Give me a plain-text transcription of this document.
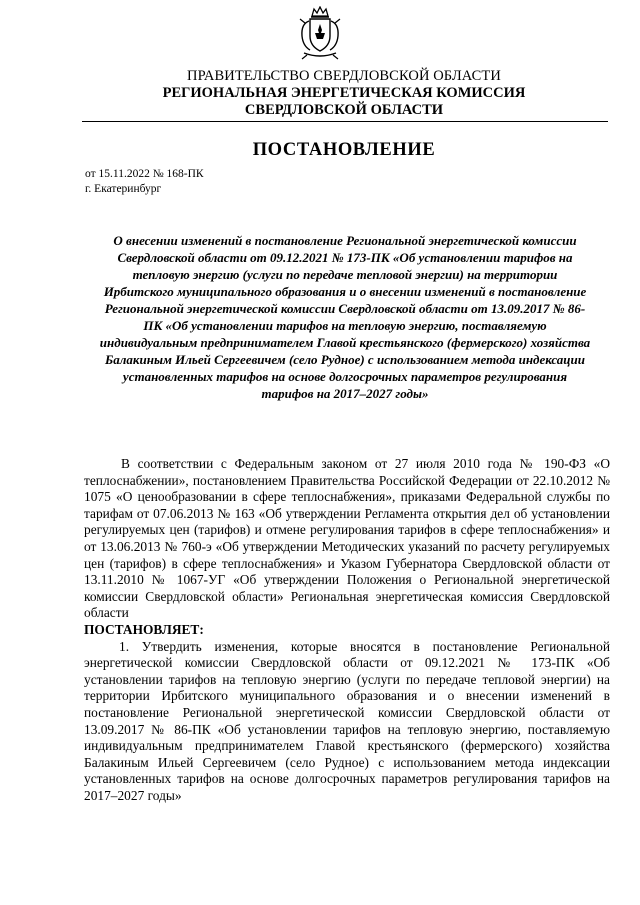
ПРАВИТЕЛЬСТВО СВЕРДЛОВСКОЙ ОБЛАСТИ
РЕГИОНАЛЬНАЯ ЭНЕРГЕТИЧЕСКАЯ КОМИССИЯ
СВЕРДЛОВСКОЙ ОБЛАСТИ
ПОСТАНОВЛЕНИЕ
от 15.11.2022 № 168-ПК
г. Екатеринбург
О внесении изменений в постановление Региональной энергетической комиссии Свердловской области от 09.12.2021 № 173-ПК «Об установлении тарифов на тепловую энергию (услуги по передаче тепловой энергии) на территории Ирбитского муниципального образования и о внесении изменений в постановление Региональной энергетической комиссии Свердловской области от 13.09.2017 № 86-ПК «Об установлении тарифов на тепловую энергию, поставляемую индивидуальным предпринимателем Главой крестьянского (фермерского) хозяйства Балакиным Ильей Сергеевичем (село Рудное) с использованием метода индексации установленных тарифов на основе долгосрочных параметров регулирования тарифов на 2017–2027 годы»

В соответствии с Федеральным законом от 27 июля 2010 года № 190-ФЗ «О теплоснабжении», постановлением Правительства Российской Федерации от 22.10.2012 № 1075 «О ценообразовании в сфере теплоснабжения», приказами Федеральной службы по тарифам от 07.06.2013 № 163 «Об утверждении Регламента открытия дел об установлении регулируемых цен (тарифов) и отмене регулирования тарифов в сфере теплоснабжения» и от 13.06.2013 № 760-э «Об утверждении Методических указаний по расчету регулируемых цен (тарифов) в сфере теплоснабжения» и Указом Губернатора Свердловской области от 13.11.2010 № 1067-УГ «Об утверждении Положения о Региональной энергетической комиссии Свердловской области» Региональная энергетическая комиссия Свердловской области

ПОСТАНОВЛЯЕТ:

1. Утвердить изменения, которые вносятся в постановление Региональной энергетической комиссии Свердловской области от 09.12.2021 № 173-ПК «Об установлении тарифов на тепловую энергию (услуги по передаче тепловой энергии) на территории Ирбитского муниципального образования и о внесении изменений в постановление Региональной энергетической комиссии Свердловской области от 13.09.2017 № 86-ПК «Об установлении тарифов на тепловую энергию, поставляемую индивидуальным предпринимателем Главой крестьянского (фермерского) хозяйства Балакиным Ильей Сергеевичем (село Рудное) с использованием метода индексации установленных тарифов на основе долгосрочных параметров регулирования тарифов на 2017–2027 годы»
